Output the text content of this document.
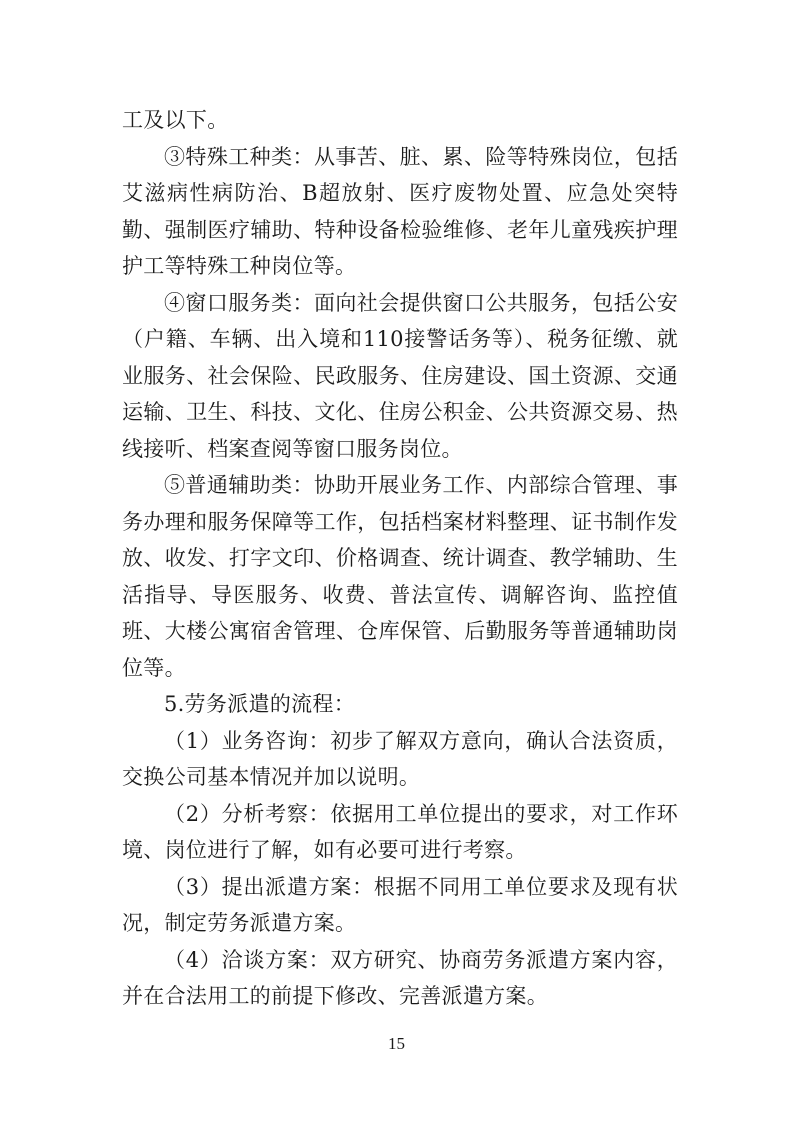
工及以下。

③特殊工种类：从事苦、脏、累、险等特殊岗位，包括艾滋病性病防治、B超放射、医疗废物处置、应急处突特勤、强制医疗辅助、特种设备检验维修、老年儿童残疾护理护工等特殊工种岗位等。

④窗口服务类：面向社会提供窗口公共服务，包括公安（户籍、车辆、出入境和110接警话务等）、税务征缴、就业服务、社会保险、民政服务、住房建设、国土资源、交通运输、卫生、科技、文化、住房公积金、公共资源交易、热线接听、档案查阅等窗口服务岗位。

⑤普通辅助类：协助开展业务工作、内部综合管理、事务办理和服务保障等工作，包括档案材料整理、证书制作发放、收发、打字文印、价格调查、统计调查、教学辅助、生活指导、导医服务、收费、普法宣传、调解咨询、监控值班、大楼公寓宿舍管理、仓库保管、后勤服务等普通辅助岗位等。

5.劳务派遣的流程：

（1）业务咨询：初步了解双方意向，确认合法资质，交换公司基本情况并加以说明。

（2）分析考察：依据用工单位提出的要求，对工作环境、岗位进行了解，如有必要可进行考察。

（3）提出派遣方案：根据不同用工单位要求及现有状况，制定劳务派遣方案。

（4）洽谈方案：双方研究、协商劳务派遣方案内容，并在合法用工的前提下修改、完善派遣方案。

15
